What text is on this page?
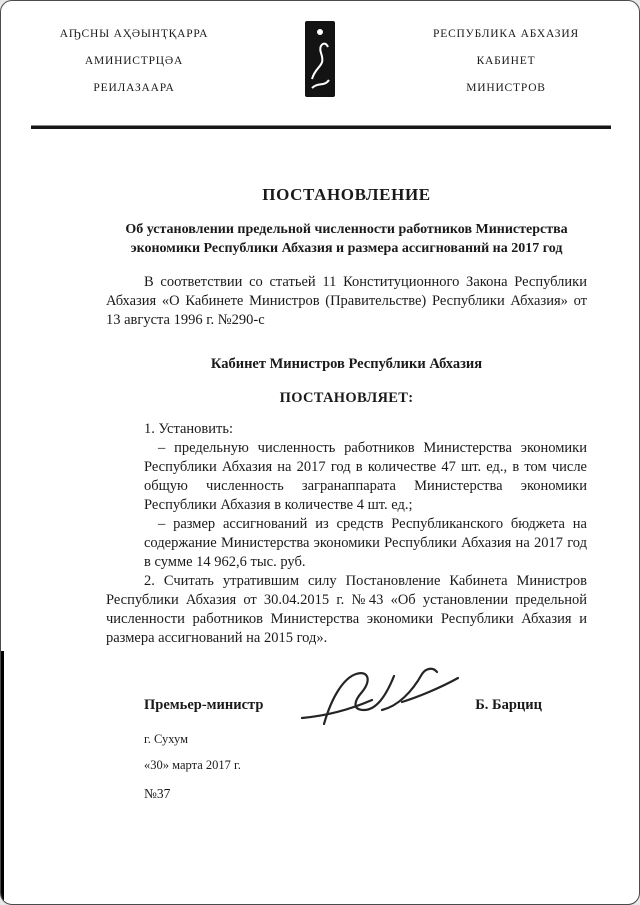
АҦСНЫ АҲӘЫНҬҚАРРА
АМИНИСТРЦӘА
РЕИЛАЗААРА
РЕСПУБЛИКА АБХАЗИЯ
КАБИНЕТ
МИНИСТРОВ
ПОСТАНОВЛЕНИЕ
Об установлении предельной численности работников Министерства экономики Республики Абхазия и размера ассигнований на 2017 год

В соответствии со статьей 11 Конституционного Закона Республики Абхазия «О Кабинете Министров (Правительстве) Республики Абхазия» от 13 августа 1996 г. №290-с

Кабинет Министров Республики Абхазия

ПОСТАНОВЛЯЕТ:

1. Установить:

– предельную численность работников Министерства экономики Республики Абхазия на 2017 год в количестве 47 шт. ед., в том числе общую численность загранаппарата Министерства экономики Республики Абхазия в количестве 4 шт. ед.;

– размер ассигнований из средств Республиканского бюджета на содержание Министерства экономики Республики Абхазия на 2017 год в сумме 14 962,6 тыс. руб.

2. Считать утратившим силу Постановление Кабинета Министров Республики Абхазия от 30.04.2015 г. №43 «Об установлении предельной численности работников Министерства экономики Республики Абхазия и размера ассигнований на 2015 год».

Премьер-министр	Б. Барциц

г. Сухум

«30» марта 2017 г.

№37
